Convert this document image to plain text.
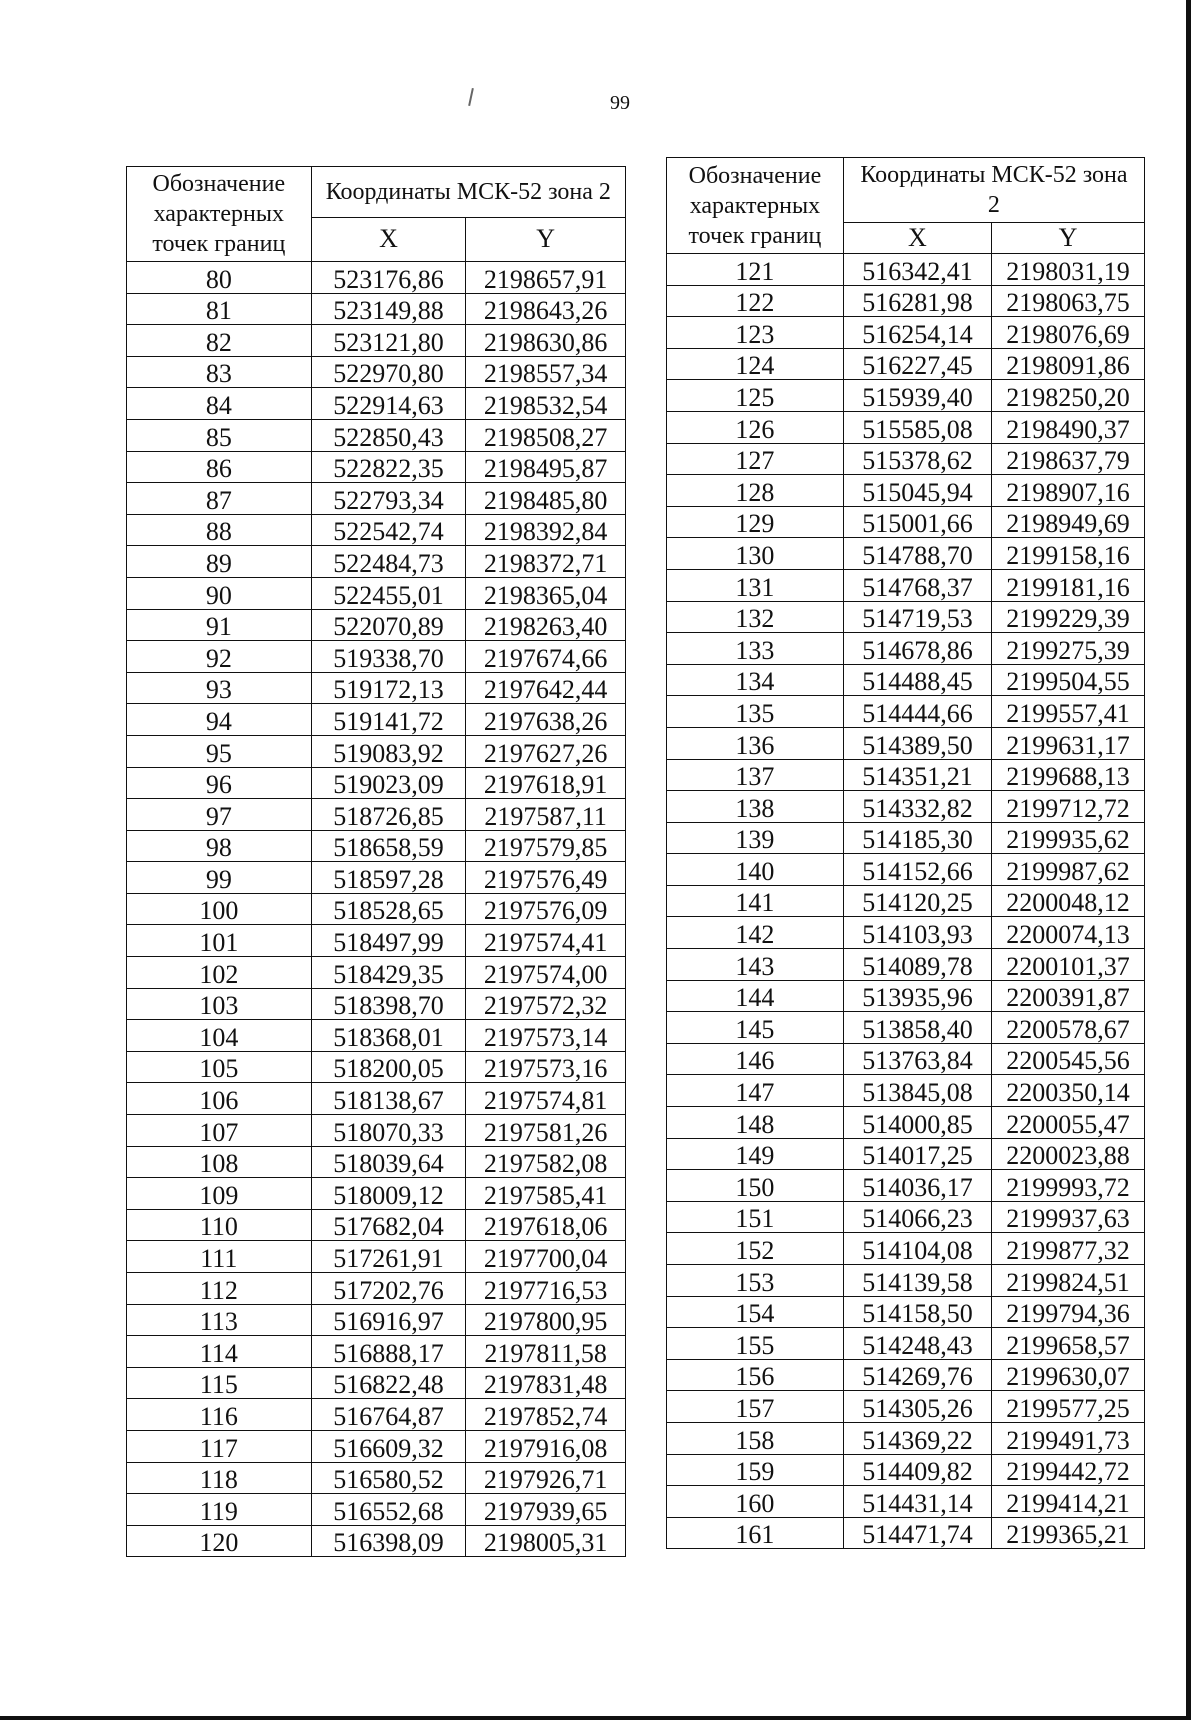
99
Обозначение характерных точек границ	Координаты МСК-52 зона 2	
	X	Y
80	523176,86	2198657,91
81	523149,88	2198643,26
82	523121,80	2198630,86
83	522970,80	2198557,34
84	522914,63	2198532,54
85	522850,43	2198508,27
86	522822,35	2198495,87
87	522793,34	2198485,80
88	522542,74	2198392,84
89	522484,73	2198372,71
90	522455,01	2198365,04
91	522070,89	2198263,40
92	519338,70	2197674,66
93	519172,13	2197642,44
94	519141,72	2197638,26
95	519083,92	2197627,26
96	519023,09	2197618,91
97	518726,85	2197587,11
98	518658,59	2197579,85
99	518597,28	2197576,49
100	518528,65	2197576,09
101	518497,99	2197574,41
102	518429,35	2197574,00
103	518398,70	2197572,32
104	518368,01	2197573,14
105	518200,05	2197573,16
106	518138,67	2197574,81
107	518070,33	2197581,26
108	518039,64	2197582,08
109	518009,12	2197585,41
110	517682,04	2197618,06
111	517261,91	2197700,04
112	517202,76	2197716,53
113	516916,97	2197800,95
114	516888,17	2197811,58
115	516822,48	2197831,48
116	516764,87	2197852,74
117	516609,32	2197916,08
118	516580,52	2197926,71
119	516552,68	2197939,65
120	516398,09	2198005,31
Обозначение характерных точек границ	Координаты МСК-52 зона 2	
	X	Y
121	516342,41	2198031,19
122	516281,98	2198063,75
123	516254,14	2198076,69
124	516227,45	2198091,86
125	515939,40	2198250,20
126	515585,08	2198490,37
127	515378,62	2198637,79
128	515045,94	2198907,16
129	515001,66	2198949,69
130	514788,70	2199158,16
131	514768,37	2199181,16
132	514719,53	2199229,39
133	514678,86	2199275,39
134	514488,45	2199504,55
135	514444,66	2199557,41
136	514389,50	2199631,17
137	514351,21	2199688,13
138	514332,82	2199712,72
139	514185,30	2199935,62
140	514152,66	2199987,62
141	514120,25	2200048,12
142	514103,93	2200074,13
143	514089,78	2200101,37
144	513935,96	2200391,87
145	513858,40	2200578,67
146	513763,84	2200545,56
147	513845,08	2200350,14
148	514000,85	2200055,47
149	514017,25	2200023,88
150	514036,17	2199993,72
151	514066,23	2199937,63
152	514104,08	2199877,32
153	514139,58	2199824,51
154	514158,50	2199794,36
155	514248,43	2199658,57
156	514269,76	2199630,07
157	514305,26	2199577,25
158	514369,22	2199491,73
159	514409,82	2199442,72
160	514431,14	2199414,21
161	514471,74	2199365,21
